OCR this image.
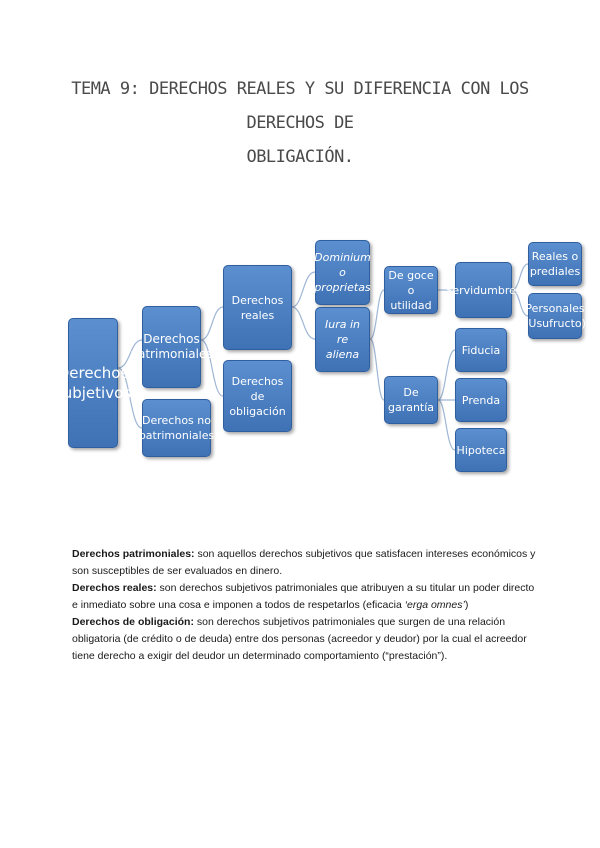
TEMA 9: DERECHOS REALES Y SU DIFERENCIA CON LOS DERECHOS DE
OBLIGACIÓN.
Derechos
subjetivos
Derechos
patrimoniales
Derechos no
patrimoniales
Derechos reales
Derechos de
obligación
Dominium o
proprietas
Iura in re
aliena
De goce o
utilidad
De garantía
Servidumbres
Reales o
prediales
Personales
(Usufructo)
Fiducia
Prenda
Hipoteca

Derechos patrimoniales: son aquellos derechos subjetivos que satisfacen intereses económicos y son susceptibles de ser evaluados en dinero.

Derechos reales: son derechos subjetivos patrimoniales que atribuyen a su titular un poder directo e inmediato sobre una cosa e imponen a todos de respetarlos (eficacia ‘erga omnes’)

Derechos de obligación: son derechos subjetivos patrimoniales que surgen de una relación obligatoria (de crédito o de deuda) entre dos personas (acreedor y deudor) por la cual el acreedor tiene derecho a exigir del deudor un determinado comportamiento (“prestación”).
